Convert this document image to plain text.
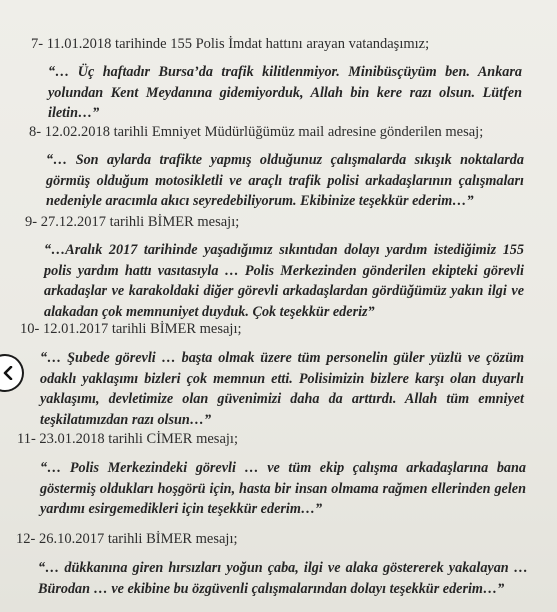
7- 11.01.2018 tarihinde 155 Polis İmdat hattını arayan vatandaşımız;
“… Üç haftadır Bursa’da trafik kilitlenmiyor. Minibüsçüyüm ben. Ankara yolundan Kent Meydanına gidemiyorduk, Allah bin kere razı olsun. Lütfen iletin…”
8- 12.02.2018 tarihli Emniyet Müdürlüğümüz mail adresine gönderilen mesaj;
“… Son aylarda trafikte yapmış olduğunuz çalışmalarda sıkışık noktalarda görmüş olduğum motosikletli ve araçlı trafik polisi arkadaşlarının çalışmaları nedeniyle aracımla akıcı seyredebiliyorum. Ekibinize teşekkür ederim…”
9- 27.12.2017 tarihli BİMER mesajı;
“…Aralık 2017 tarihinde yaşadığımız sıkıntıdan dolayı yardım istediğimiz 155 polis yardım hattı vasıtasıyla … Polis Merkezinden gönderilen ekipteki görevli arkadaşlar ve karakoldaki diğer görevli arkadaşlardan gördüğümüz yakın ilgi ve alakadan çok memnuniyet duyduk. Çok teşekkür ederiz”
10- 12.01.2017 tarihli BİMER mesajı;
“… Şubede görevli … başta olmak üzere tüm personelin güler yüzlü ve çözüm odaklı yaklaşımı bizleri çok memnun etti. Polisimizin bizlere karşı olan duyarlı yaklaşımı, devletimize olan güvenimizi daha da arttırdı. Allah tüm emniyet teşkilatımızdan razı olsun…”
11- 23.01.2018 tarihli CİMER mesajı;
“… Polis Merkezindeki görevli … ve tüm ekip çalışma arkadaşlarına bana göstermiş oldukları hoşgörü için, hasta bir insan olmama rağmen ellerinden gelen yardımı esirgemedikleri için teşekkür ederim…”
12- 26.10.2017 tarihli BİMER mesajı;
“… dükkanına giren hırsızları yoğun çaba, ilgi ve alaka göstererek yakalayan … Bürodan … ve ekibine bu özgüvenli çalışmalarından dolayı teşekkür ederim…”
